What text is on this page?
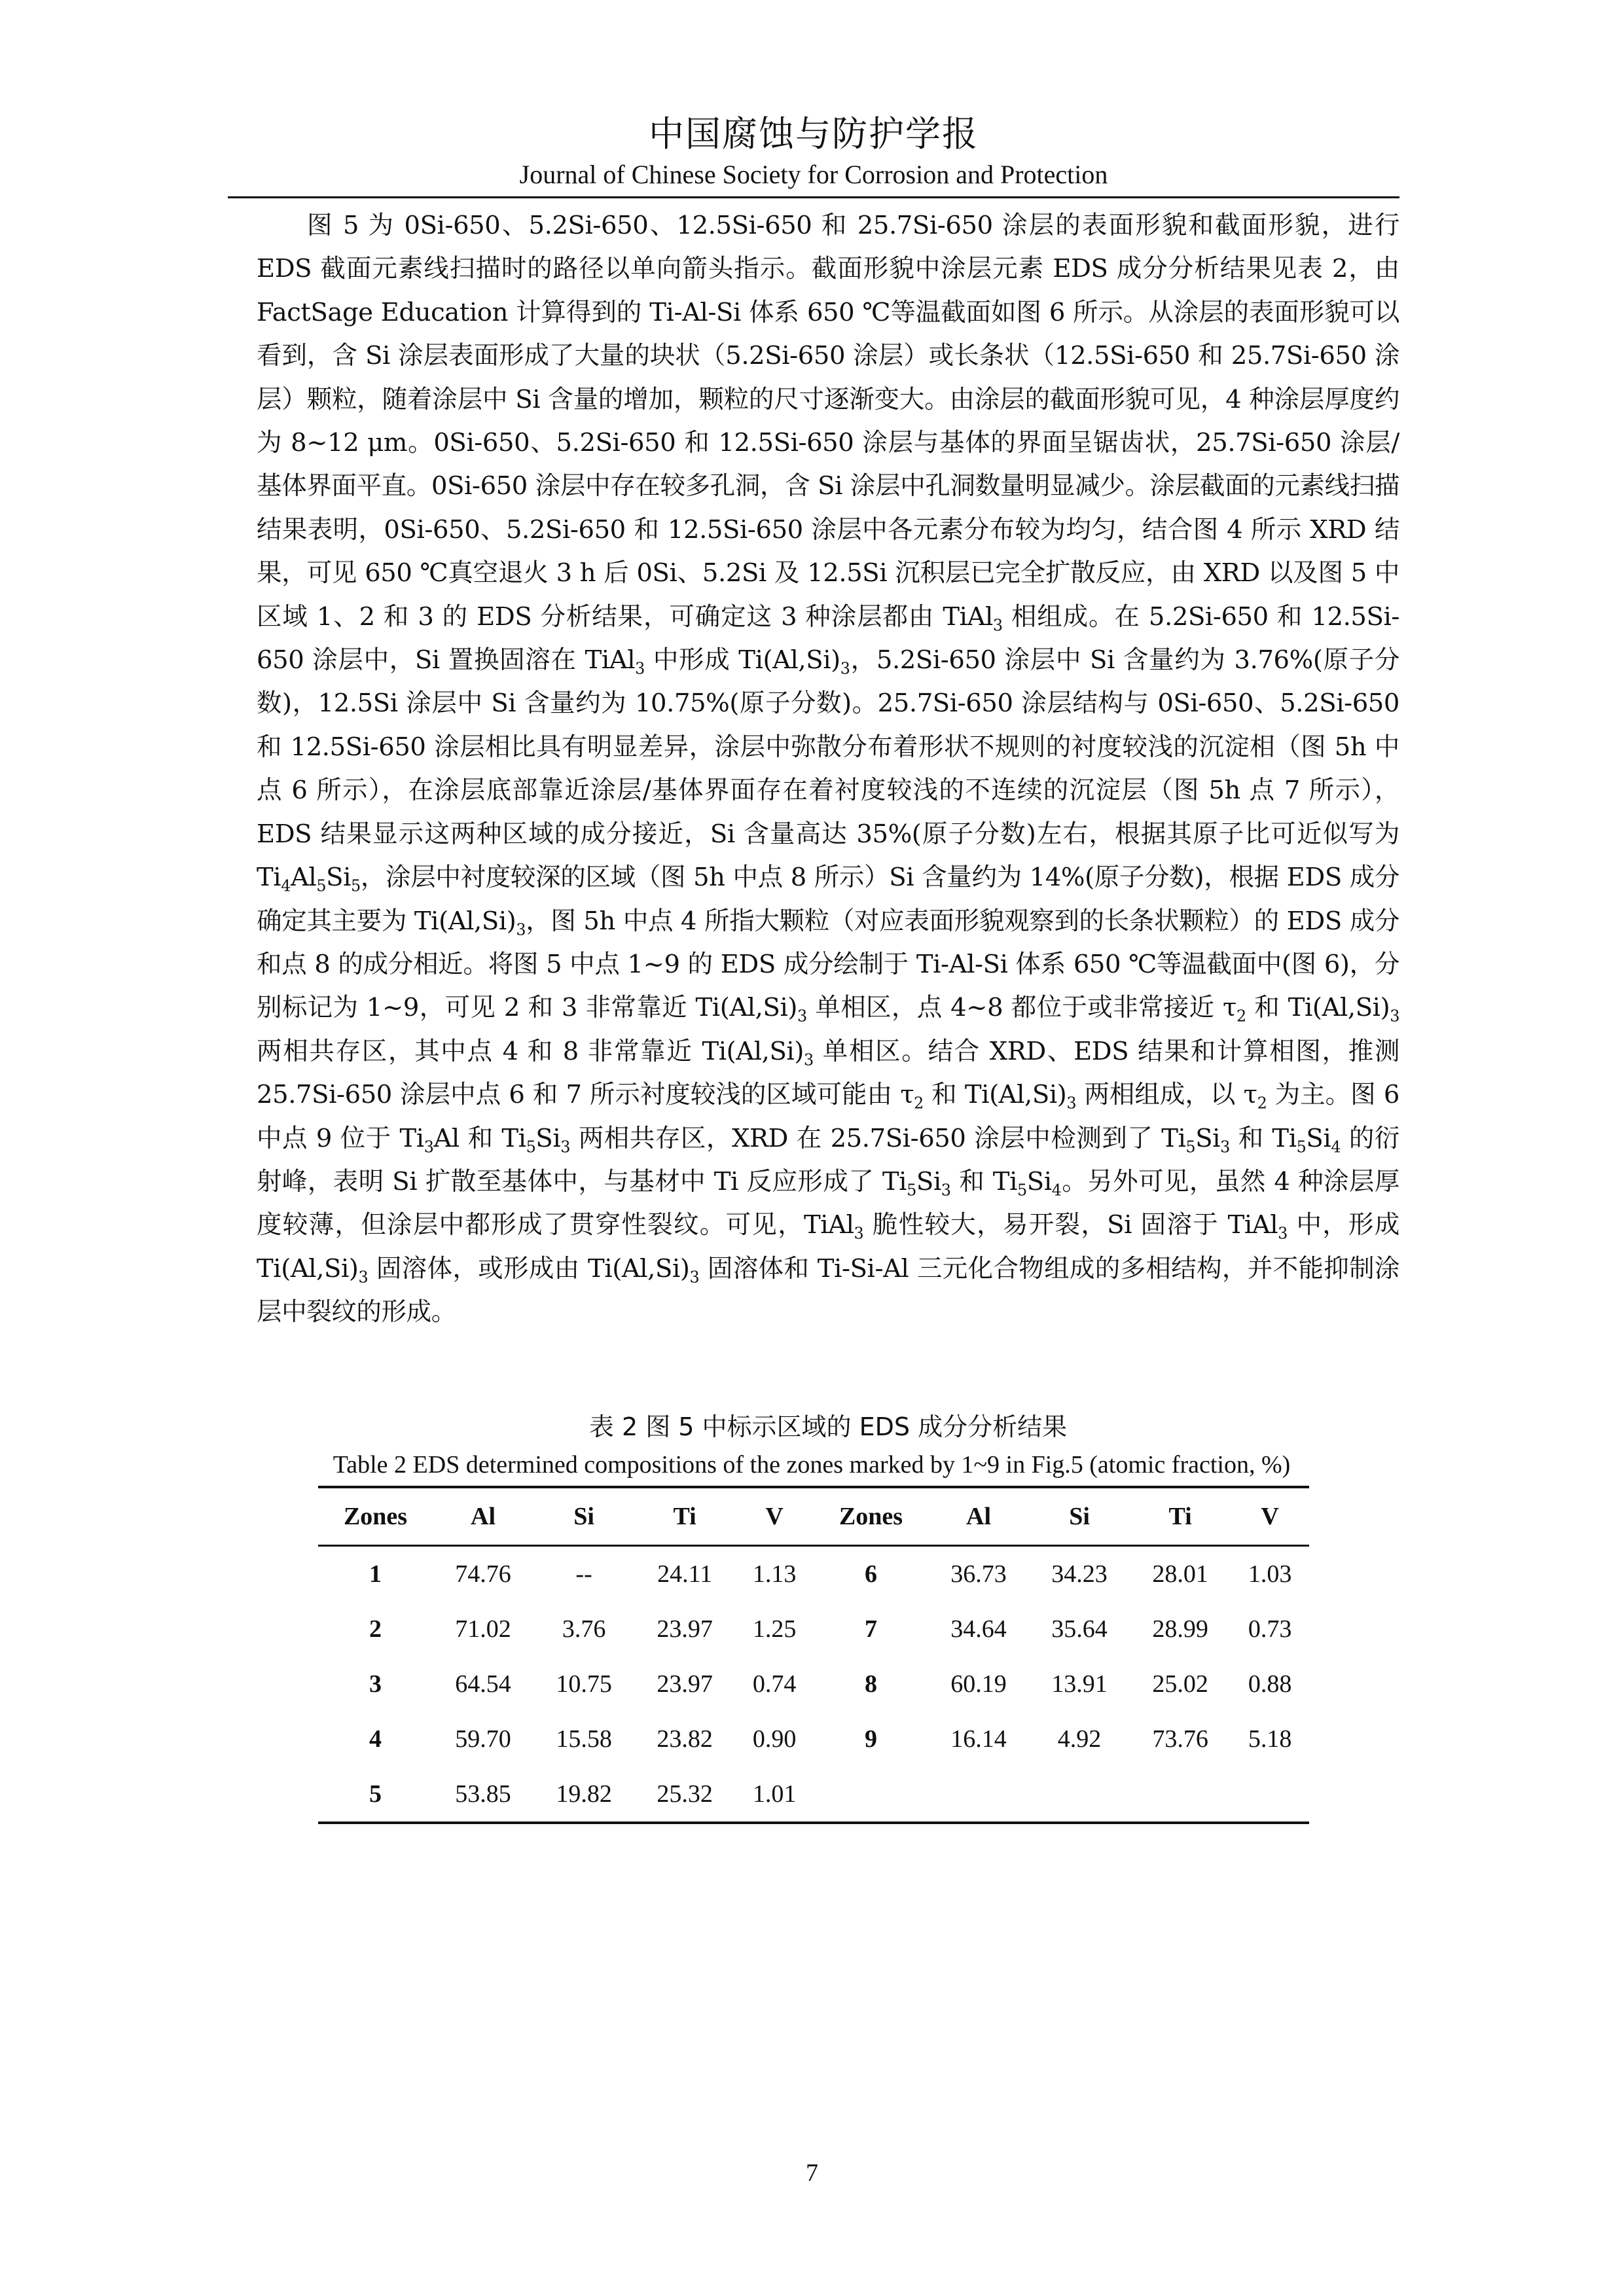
中国腐蚀与防护学报
Journal of Chinese Society for Corrosion and Protection

图 5 为 0Si-650、5.2Si-650、12.5Si-650 和 25.7Si-650 涂层的表面形貌和截面形貌，进行 EDS 截面元素线扫描时的路径以单向箭头指示。截面形貌中涂层元素 EDS 成分分析结果见表 2，由 FactSage Education 计算得到的 Ti-Al-Si 体系 650 ℃等温截面如图 6 所示。从涂层的表面形貌可以看到，含 Si 涂层表面形成了大量的块状（5.2Si-650 涂层）或长条状（12.5Si-650 和 25.7Si-650 涂层）颗粒，随着涂层中 Si 含量的增加，颗粒的尺寸逐渐变大。由涂层的截面形貌可见，4 种涂层厚度约为 8~12 μm。0Si-650、5.2Si-650 和 12.5Si-650 涂层与基体的界面呈锯齿状，25.7Si-650 涂层/基体界面平直。0Si-650 涂层中存在较多孔洞，含 Si 涂层中孔洞数量明显减少。涂层截面的元素线扫描结果表明，0Si-650、5.2Si-650 和 12.5Si-650 涂层中各元素分布较为均匀，结合图 4 所示 XRD 结果，可见 650 ℃真空退火 3 h 后 0Si、5.2Si 及 12.5Si 沉积层已完全扩散反应，由 XRD 以及图 5 中区域 1、2 和 3 的 EDS 分析结果，可确定这 3 种涂层都由 TiAl$_3$ 相组成。在 5.2Si-650 和 12.5Si-650 涂层中，Si 置换固溶在 TiAl$_3$ 中形成 $Ti(Al,Si)_3$，5.2Si-650 涂层中 Si 含量约为 3.76%(原子分数)，12.5Si 涂层中 Si 含量约为 10.75%(原子分数)。25.7Si-650 涂层结构与 0Si-650、5.2Si-650 和 12.5Si-650 涂层相比具有明显差异，涂层中弥散分布着形状不规则的衬度较浅的沉淀相（图 5h 中点 6 所示），在涂层底部靠近涂层/基体界面存在着衬度较浅的不连续的沉淀层（图 5h 点 7 所示），EDS 结果显示这两种区域的成分接近，Si 含量高达 35%(原子分数)左右，根据其原子比可近似写为 $Ti_4Al_5Si_5$，涂层中衬度较深的区域（图 5h 中点 8 所示）Si 含量约为 14%(原子分数)，根据 EDS 成分确定其主要为 $Ti(Al,Si)_3$，图 5h 中点 4 所指大颗粒（对应表面形貌观察到的长条状颗粒）的 EDS 成分和点 8 的成分相近。将图 5 中点 1~9 的 EDS 成分绘制于 Ti-Al-Si 体系 650 ℃等温截面中(图 6)，分别标记为 1~9，可见 2 和 3 非常靠近 $Ti(Al,Si)_3$ 单相区，点 4~8 都位于或非常接近 $\tau_2$ 和 $Ti(Al,Si)_3$ 两相共存区，其中点 4 和 8 非常靠近 $Ti(Al,Si)_3$ 单相区。结合 XRD、EDS 结果和计算相图，推测 25.7Si-650 涂层中点 6 和 7 所示衬度较浅的区域可能由 $\tau_2$ 和 $Ti(Al,Si)_3$ 两相组成，以 $\tau_2$ 为主。图 6 中点 9 位于 $Ti_3Al$ 和 $Ti_5Si_3$ 两相共存区，XRD 在 25.7Si-650 涂层中检测到了 $Ti_5Si_3$ 和 $Ti_5Si_4$ 的衍射峰，表明 Si 扩散至基体中，与基材中 Ti 反应形成了 $Ti_5Si_3$ 和 $Ti_5Si_4$。另外可见，虽然 4 种涂层厚度较薄，但涂层中都形成了贯穿性裂纹。可见，TiAl$_3$ 脆性较大，易开裂，Si 固溶于 TiAl$_3$ 中，形成 $Ti(Al,Si)_3$ 固溶体，或形成由 $Ti(Al,Si)_3$ 固溶体和 Ti-Si-Al 三元化合物组成的多相结构，并不能抑制涂层中裂纹的形成。

表 2 图 5 中标示区域的 EDS 成分分析结果
Table 2 EDS determined compositions of the zones marked by 1~9 in Fig.5 (atomic fraction, %)
Zones	Al	Si	Ti	V	Zones	Al	Si	Ti	V
1	74.76	--	24.11	1.13	6	36.73	34.23	28.01	1.03
2	71.02	3.76	23.97	1.25	7	34.64	35.64	28.99	0.73
3	64.54	10.75	23.97	0.74	8	60.19	13.91	25.02	0.88
4	59.70	15.58	23.82	0.90	9	16.14	4.92	73.76	5.18
5	53.85	19.82	25.32	1.01					
7
